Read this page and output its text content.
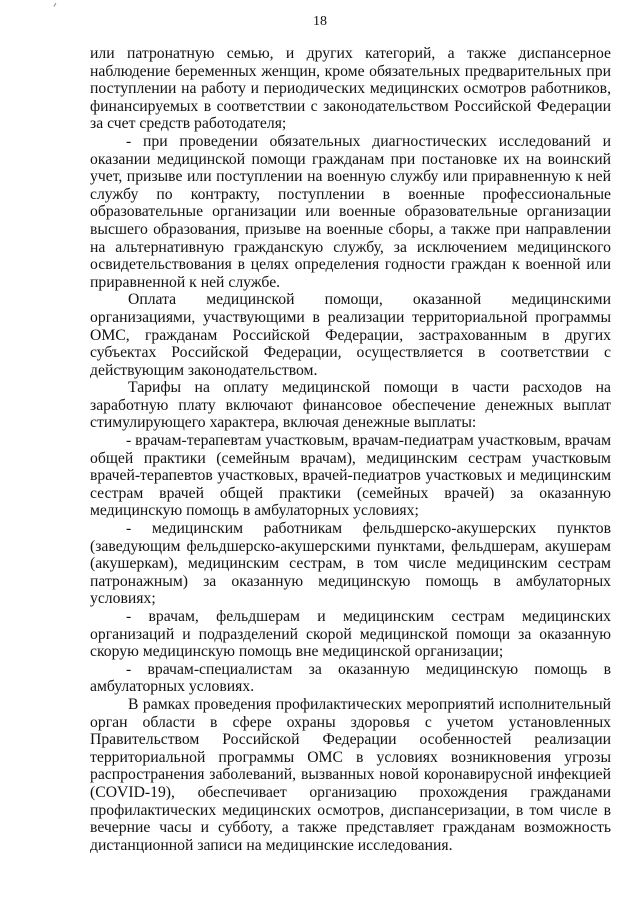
18

или патронатную семью, и других категорий, а также диспансерное наблюдение беременных женщин, кроме обязательных предварительных при поступлении на работу и периодических медицинских осмотров работников, финансируемых в соответствии с законодательством Российской Федерации за счет средств работодателя;

- при проведении обязательных диагностических исследований и оказании медицинской помощи гражданам при постановке их на воинский учет, призыве или поступлении на военную службу или приравненную к ней службу по контракту, поступлении в военные профессиональные образовательные организации или военные образовательные организации высшего образования, призыве на военные сборы, а также при направлении на альтернативную гражданскую службу, за исключением медицинского освидетельствования в целях определения годности граждан к военной или приравненной к ней службе.

Оплата медицинской помощи, оказанной медицинскими организациями, участвующими в реализации территориальной программы ОМС, гражданам Российской Федерации, застрахованным в других субъектах Российской Федерации, осуществляется в соответствии с действующим законодательством.

Тарифы на оплату медицинской помощи в части расходов на заработную плату включают финансовое обеспечение денежных выплат стимулирующего характера, включая денежные выплаты:

- врачам-терапевтам участковым, врачам-педиатрам участковым, врачам общей практики (семейным врачам), медицинским сестрам участковым врачей-терапевтов участковых, врачей-педиатров участковых и медицинским сестрам врачей общей практики (семейных врачей) за оказанную медицинскую помощь в амбулаторных условиях;

- медицинским работникам фельдшерско-акушерских пунктов (заведующим фельдшерско-акушерскими пунктами, фельдшерам, акушерам (акушеркам), медицинским сестрам, в том числе медицинским сестрам патронажным) за оказанную медицинскую помощь в амбулаторных условиях;

- врачам, фельдшерам и медицинским сестрам медицинских организаций и подразделений скорой медицинской помощи за оказанную скорую медицинскую помощь вне медицинской организации;

- врачам-специалистам за оказанную медицинскую помощь в амбулаторных условиях.

В рамках проведения профилактических мероприятий исполнительный орган области в сфере охраны здоровья с учетом установленных Правительством Российской Федерации особенностей реализации территориальной программы ОМС в условиях возникновения угрозы распространения заболеваний, вызванных новой коронавирусной инфекцией (COVID-19), обеспечивает организацию прохождения гражданами профилактических медицинских осмотров, диспансеризации, в том числе в вечерние часы и субботу, а также представляет гражданам возможность дистанционной записи на медицинские исследования.
